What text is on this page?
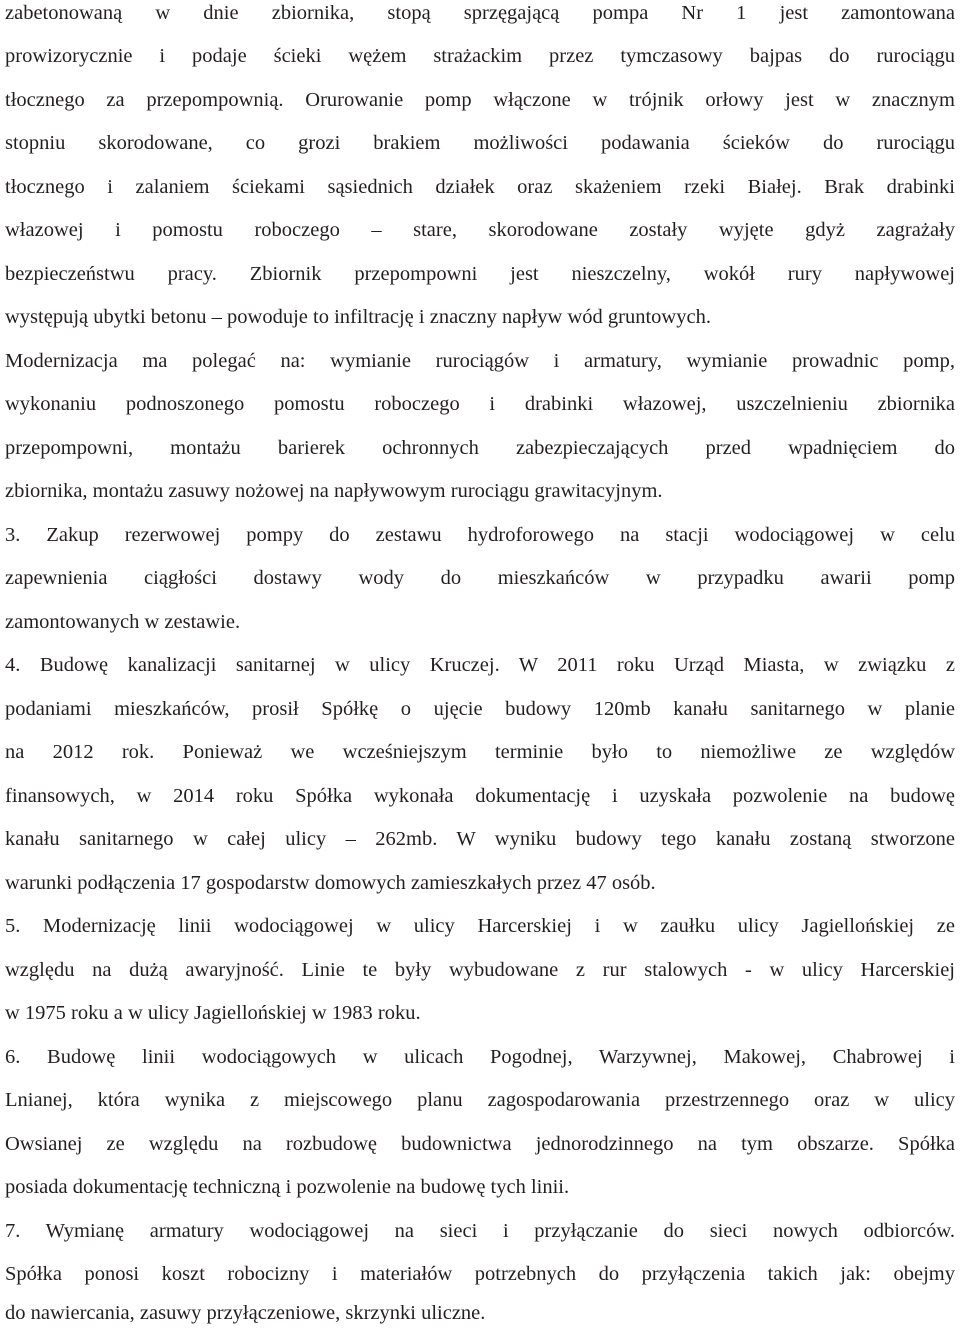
zabetonowaną w dnie zbiornika, stopą sprzęgającą pompa Nr 1 jest zamontowana
prowizorycznie i podaje ścieki wężem strażackim przez tymczasowy bajpas do rurociągu
tłocznego za przepompownią. Orurowanie pomp włączone w trójnik orłowy jest w znacznym
stopniu skorodowane, co grozi brakiem możliwości podawania ścieków do rurociągu
tłocznego i zalaniem ściekami sąsiednich działek oraz skażeniem rzeki Białej. Brak drabinki
włazowej i pomostu roboczego – stare, skorodowane zostały wyjęte gdyż zagrażały
bezpieczeństwu pracy. Zbiornik przepompowni jest nieszczelny, wokół rury napływowej
występują ubytki betonu – powoduje to infiltrację i znaczny napływ wód gruntowych.
Modernizacja ma polegać na: wymianie rurociągów i armatury, wymianie prowadnic pomp,
wykonaniu podnoszonego pomostu roboczego i drabinki włazowej, uszczelnieniu zbiornika
przepompowni, montażu barierek ochronnych zabezpieczających przed wpadnięciem do
zbiornika, montażu zasuwy nożowej na napływowym rurociągu grawitacyjnym.
3. Zakup rezerwowej pompy do zestawu hydroforowego na stacji wodociągowej w celu
zapewnienia ciągłości dostawy wody do mieszkańców w przypadku awarii pomp
zamontowanych w zestawie.
4. Budowę kanalizacji sanitarnej w ulicy Kruczej. W 2011 roku Urząd Miasta, w związku z
podaniami mieszkańców, prosił Spółkę o ujęcie budowy 120mb kanału sanitarnego w planie
na 2012 rok. Ponieważ we wcześniejszym terminie było to niemożliwe ze względów
finansowych, w 2014 roku Spółka wykonała dokumentację i uzyskała pozwolenie na budowę
kanału sanitarnego w całej ulicy – 262mb. W wyniku budowy tego kanału zostaną stworzone
warunki podłączenia 17 gospodarstw domowych zamieszkałych przez 47 osób.
5. Modernizację linii wodociągowej w ulicy Harcerskiej i w zaułku ulicy Jagiellońskiej ze
względu na dużą awaryjność. Linie te były wybudowane z rur stalowych - w ulicy Harcerskiej
w 1975 roku a w ulicy Jagiellońskiej w 1983 roku.
6. Budowę linii wodociągowych w ulicach Pogodnej, Warzywnej, Makowej, Chabrowej i
Lnianej, która wynika z miejscowego planu zagospodarowania przestrzennego oraz w ulicy
Owsianej ze względu na rozbudowę budownictwa jednorodzinnego na tym obszarze. Spółka
posiada dokumentację techniczną i pozwolenie na budowę tych linii.
7. Wymianę armatury wodociągowej na sieci i przyłączanie do sieci nowych odbiorców.
Spółka ponosi koszt robocizny i materiałów potrzebnych do przyłączenia takich jak: obejmy
do nawiercania, zasuwy przyłączeniowe, skrzynki uliczne.
